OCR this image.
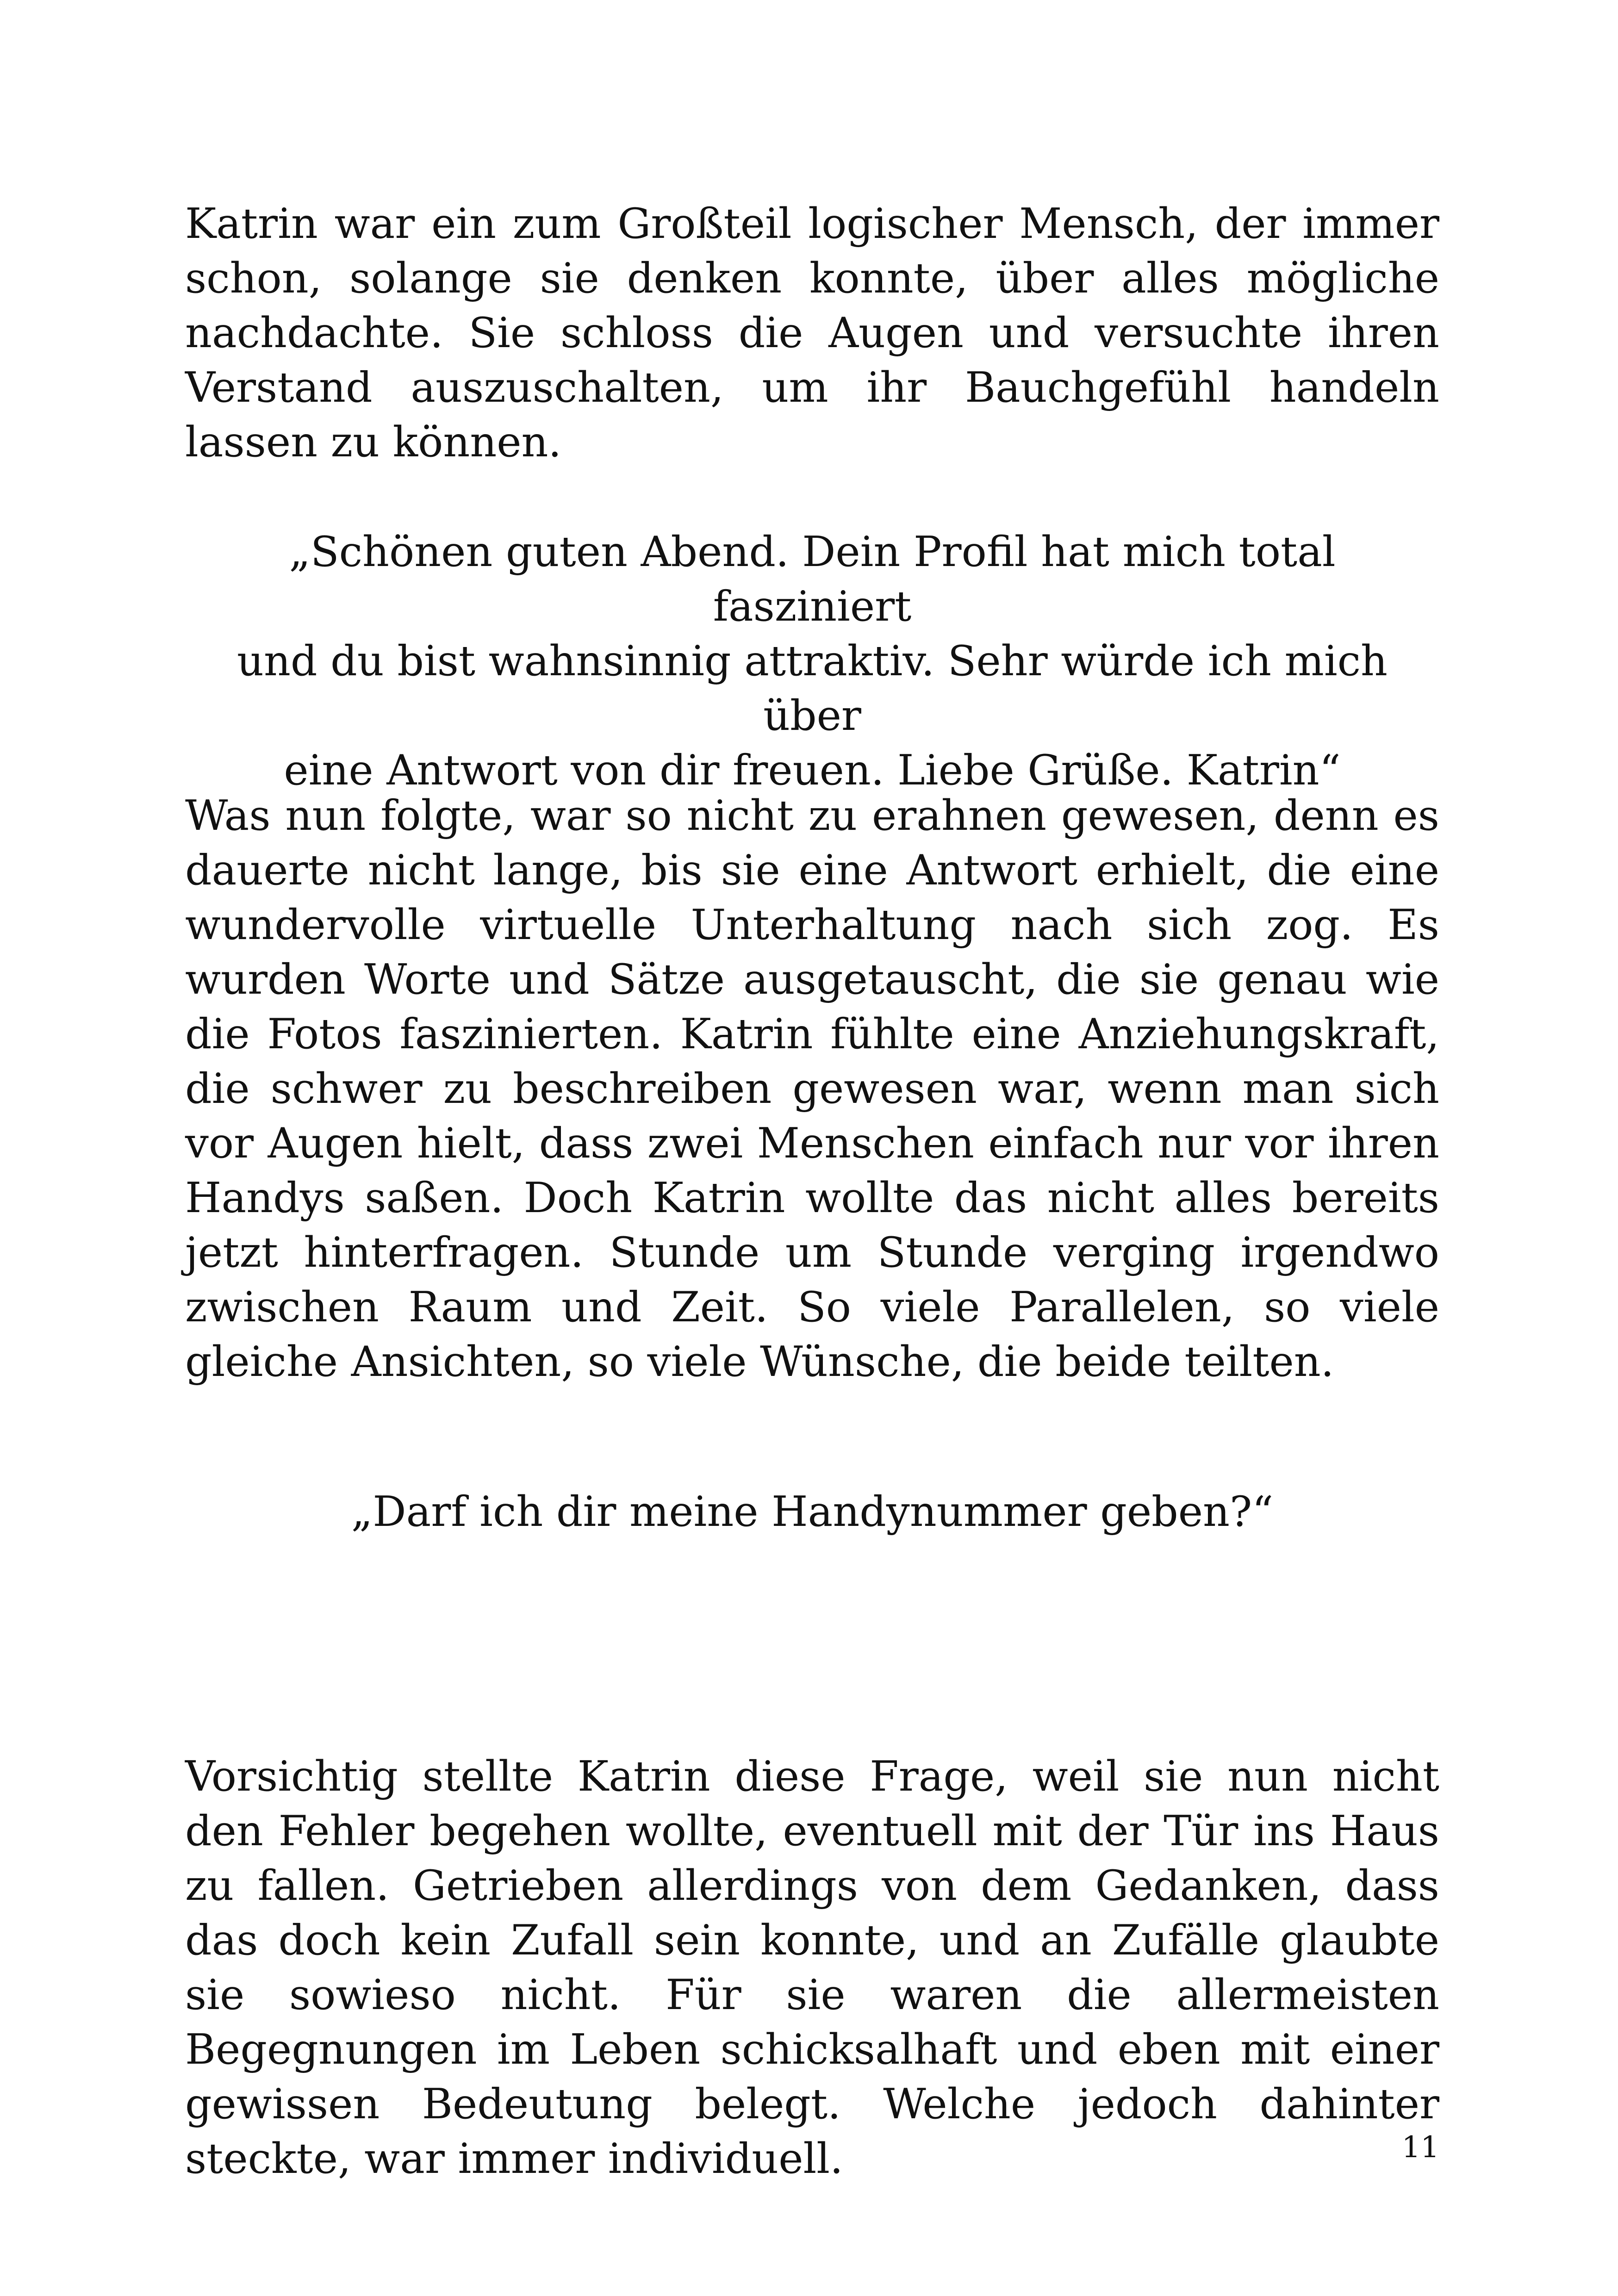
Katrin war ein zum Großteil logischer Mensch, der immer schon, solange sie denken konnte, über alles mögliche nachdachte. Sie schloss die Augen und versuchte ihren Verstand auszuschalten, um ihr Bauchgefühl handeln lassen zu können.

„Schönen guten Abend. Dein Profil hat mich total fasziniert
und du bist wahnsinnig attraktiv. Sehr würde ich mich über
eine Antwort von dir freuen. Liebe Grüße. Katrin“

Was nun folgte, war so nicht zu erahnen gewesen, denn es dauerte nicht lange, bis sie eine Antwort erhielt, die eine wundervolle virtuelle Unterhaltung nach sich zog. Es wurden Worte und Sätze ausgetauscht, die sie genau wie die Fotos faszinierten. Katrin fühlte eine Anziehungskraft, die schwer zu beschreiben gewesen war, wenn man sich vor Augen hielt, dass zwei Menschen einfach nur vor ihren Handys saßen. Doch Katrin wollte das nicht alles bereits jetzt hinterfragen. Stunde um Stunde verging irgendwo zwischen Raum und Zeit. So viele Parallelen, so viele gleiche Ansichten, so viele Wünsche, die beide teilten.

„Darf ich dir meine Handynummer geben?“

Vorsichtig stellte Katrin diese Frage, weil sie nun nicht den Fehler begehen wollte, eventuell mit der Tür ins Haus zu fallen. Getrieben allerdings von dem Gedanken, dass das doch kein Zufall sein konnte, und an Zufälle glaubte sie sowieso nicht. Für sie waren die allermeisten Begegnungen im Leben schicksalhaft und eben mit einer gewissen Bedeutung belegt. Welche jedoch dahinter steckte, war immer individuell.	11
